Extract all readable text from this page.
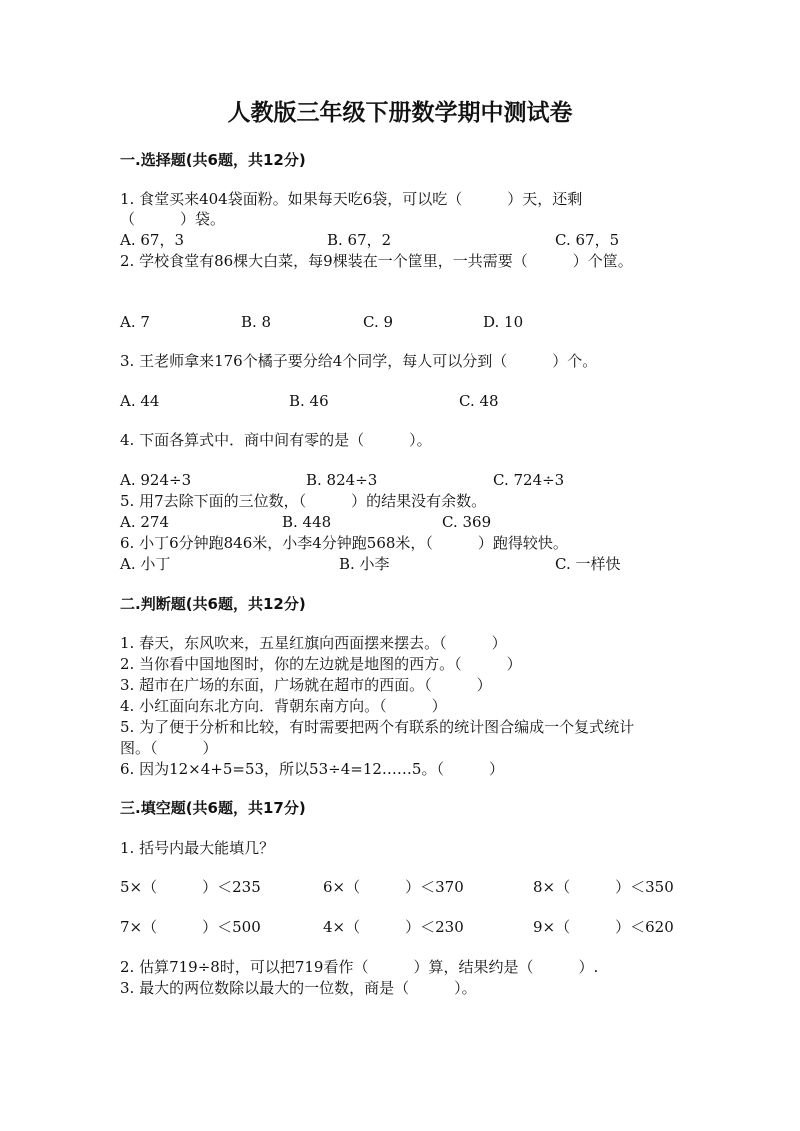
人教版三年级下册数学期中测试卷
一.选择题(共6题，共12分)
1. 食堂买来404袋面粉。如果每天吃6袋，可以吃（　　　）天，还剩
（　　　）袋。
A. 67，3	B. 67，2	C. 67，5
2. 学校食堂有86棵大白菜，每9棵装在一个筐里，一共需要（　　　）个筐。
A. 7	B. 8	C. 9	D. 10
3. 王老师拿来176个橘子要分给4个同学，每人可以分到（　　　）个。
A. 44	B. 46	C. 48
4. 下面各算式中．商中间有零的是（　　　）。
A. 924÷3	B. 824÷3	C. 724÷3
5. 用7去除下面的三位数，（　　　）的结果没有余数。
A. 274	B. 448	C. 369
6. 小丁6分钟跑846米，小李4分钟跑568米，（　　　）跑得较快。
A. 小丁	B. 小李	C. 一样快
二.判断题(共6题，共12分)
1. 春天，东风吹来，五星红旗向西面摆来摆去。（　　　）
2. 当你看中国地图时，你的左边就是地图的西方。（　　　）
3. 超市在广场的东面，广场就在超市的西面。（　　　）
4. 小红面向东北方向．背朝东南方向。（　　　）
5. 为了便于分析和比较，有时需要把两个有联系的统计图合编成一个复式统计
图。（　　　）
6. 因为12×4+5=53，所以53÷4=12……5。（　　　）
三.填空题(共6题，共17分)
1. 括号内最大能填几？
5×（　　　）＜235	6×（　　　）＜370	8×（　　　）＜350
7×（　　　）＜500	4×（　　　）＜230	9×（　　　）＜620
2. 估算719÷8时，可以把719看作（　　　）算，结果约是（　　　）.
3. 最大的两位数除以最大的一位数，商是（　　　）。
